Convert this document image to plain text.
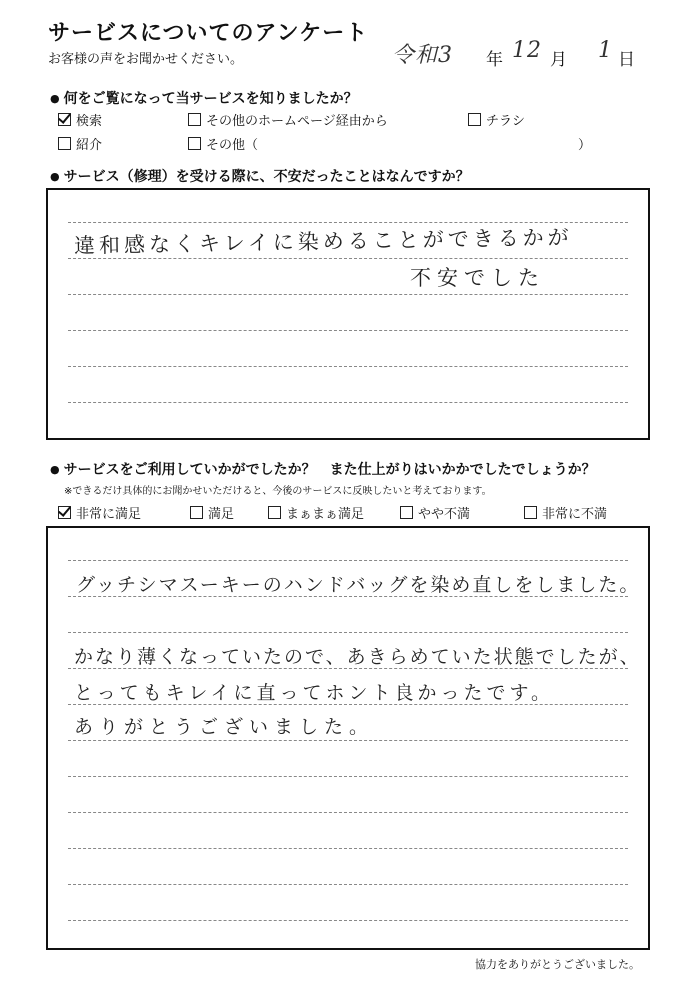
サービスについてのアンケート
お客様の声をお聞かせください。	令和3 年 12 月 1 日
● 何をご覧になって当サービスを知りましたか？
検索	その他のホームページ経由から	チラシ
紹介	その他（	）
● サービス（修理）を受ける際に、不安だったことはなんですか？
違和感なくキレイに染めることができるかが
不安でした
● サービスをご利用していかがでしたか？　また仕上がりはいかかでしたでしょうか？
※できるだけ具体的にお聞かせいただけると、今後のサービスに反映したいと考えております。
非常に満足	満足	まぁまぁ満足	やや不満	非常に不満
グッチシマスーキーのハンドバッグを染め直しをしました。
かなり薄くなっていたので、あきらめていた状態でしたが、
とってもキレイに直ってホント良かったです。
ありがとうございました。
協力をありがとうございました。
